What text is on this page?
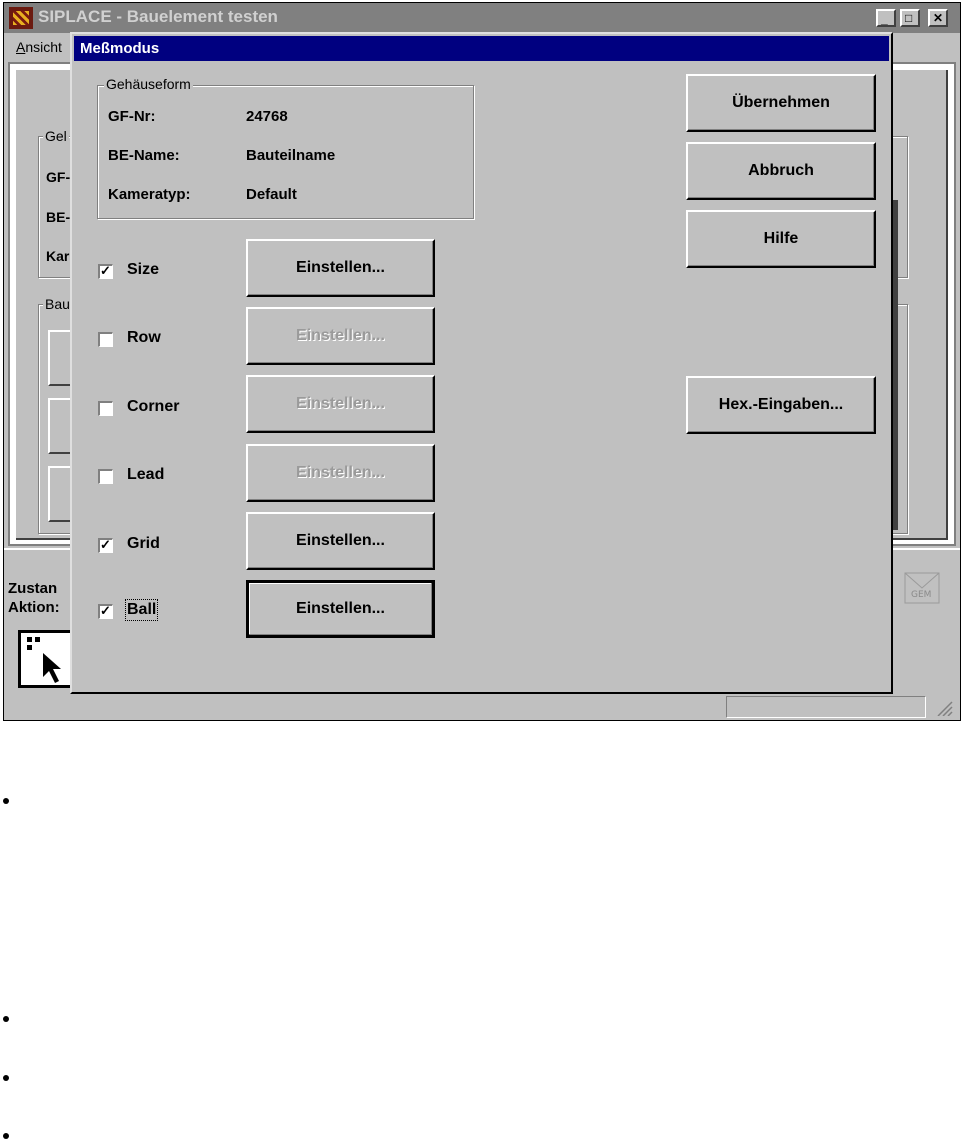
SIPLACE - Bauelement testen	_ □ ✕
Ansicht
Gel
GF-
BE-
Kar
Bau
Zustan
Aktion:
GEM
Meßmodus
Gehäuseform
GF-Nr:	24768
BE-Name:	Bauteilname
Kameratyp:	Default
✓ Size	Einstellen...
Row	Einstellen...
Corner	Einstellen...
Lead	Einstellen...
✓ Grid	Einstellen...
✓ Ball	Einstellen...
Übernehmen
Abbruch
Hilfe
Hex.-Eingaben...
